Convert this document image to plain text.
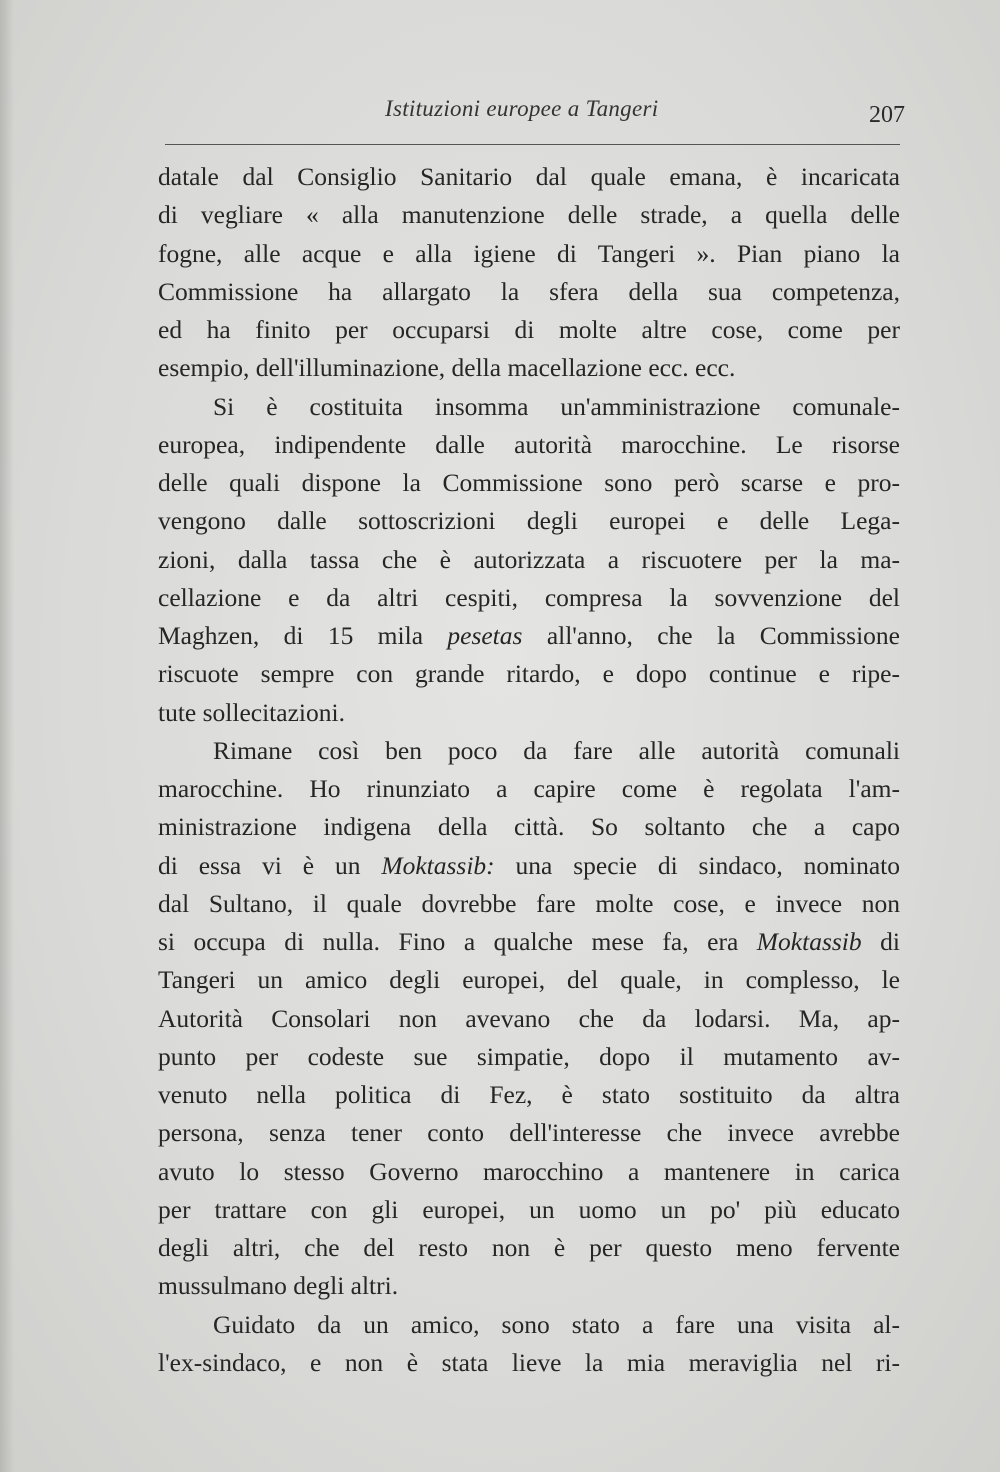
Istituzioni europee a Tangeri	207
datale dal Consiglio Sanitario dal quale emana, è incaricata
di vegliare « alla manutenzione delle strade, a quella delle
fogne, alle acque e alla igiene di Tangeri ». Pian piano la
Commissione ha allargato la sfera della sua competenza,
ed ha finito per occuparsi di molte altre cose, come per
esempio, dell'illuminazione, della macellazione ecc. ecc.
Si è costituita insomma un'amministrazione comunale-
europea, indipendente dalle autorità marocchine. Le risorse
delle quali dispone la Commissione sono però scarse e pro-
vengono dalle sottoscrizioni degli europei e delle Lega-
zioni, dalla tassa che è autorizzata a riscuotere per la ma-
cellazione e da altri cespiti, compresa la sovvenzione del
Maghzen, di 15 mila pesetas all'anno, che la Commissione
riscuote sempre con grande ritardo, e dopo continue e ripe-
tute sollecitazioni.
Rimane così ben poco da fare alle autorità comunali
marocchine. Ho rinunziato a capire come è regolata l'am-
ministrazione indigena della città. So soltanto che a capo
di essa vi è un Moktassib: una specie di sindaco, nominato
dal Sultano, il quale dovrebbe fare molte cose, e invece non
si occupa di nulla. Fino a qualche mese fa, era Moktassib di
Tangeri un amico degli europei, del quale, in complesso, le
Autorità Consolari non avevano che da lodarsi. Ma, ap-
punto per codeste sue simpatie, dopo il mutamento av-
venuto nella politica di Fez, è stato sostituito da altra
persona, senza tener conto dell'interesse che invece avrebbe
avuto lo stesso Governo marocchino a mantenere in carica
per trattare con gli europei, un uomo un po' più educato
degli altri, che del resto non è per questo meno fervente
mussulmano degli altri.
Guidato da un amico, sono stato a fare una visita al-
l'ex-sindaco, e non è stata lieve la mia meraviglia nel ri-
